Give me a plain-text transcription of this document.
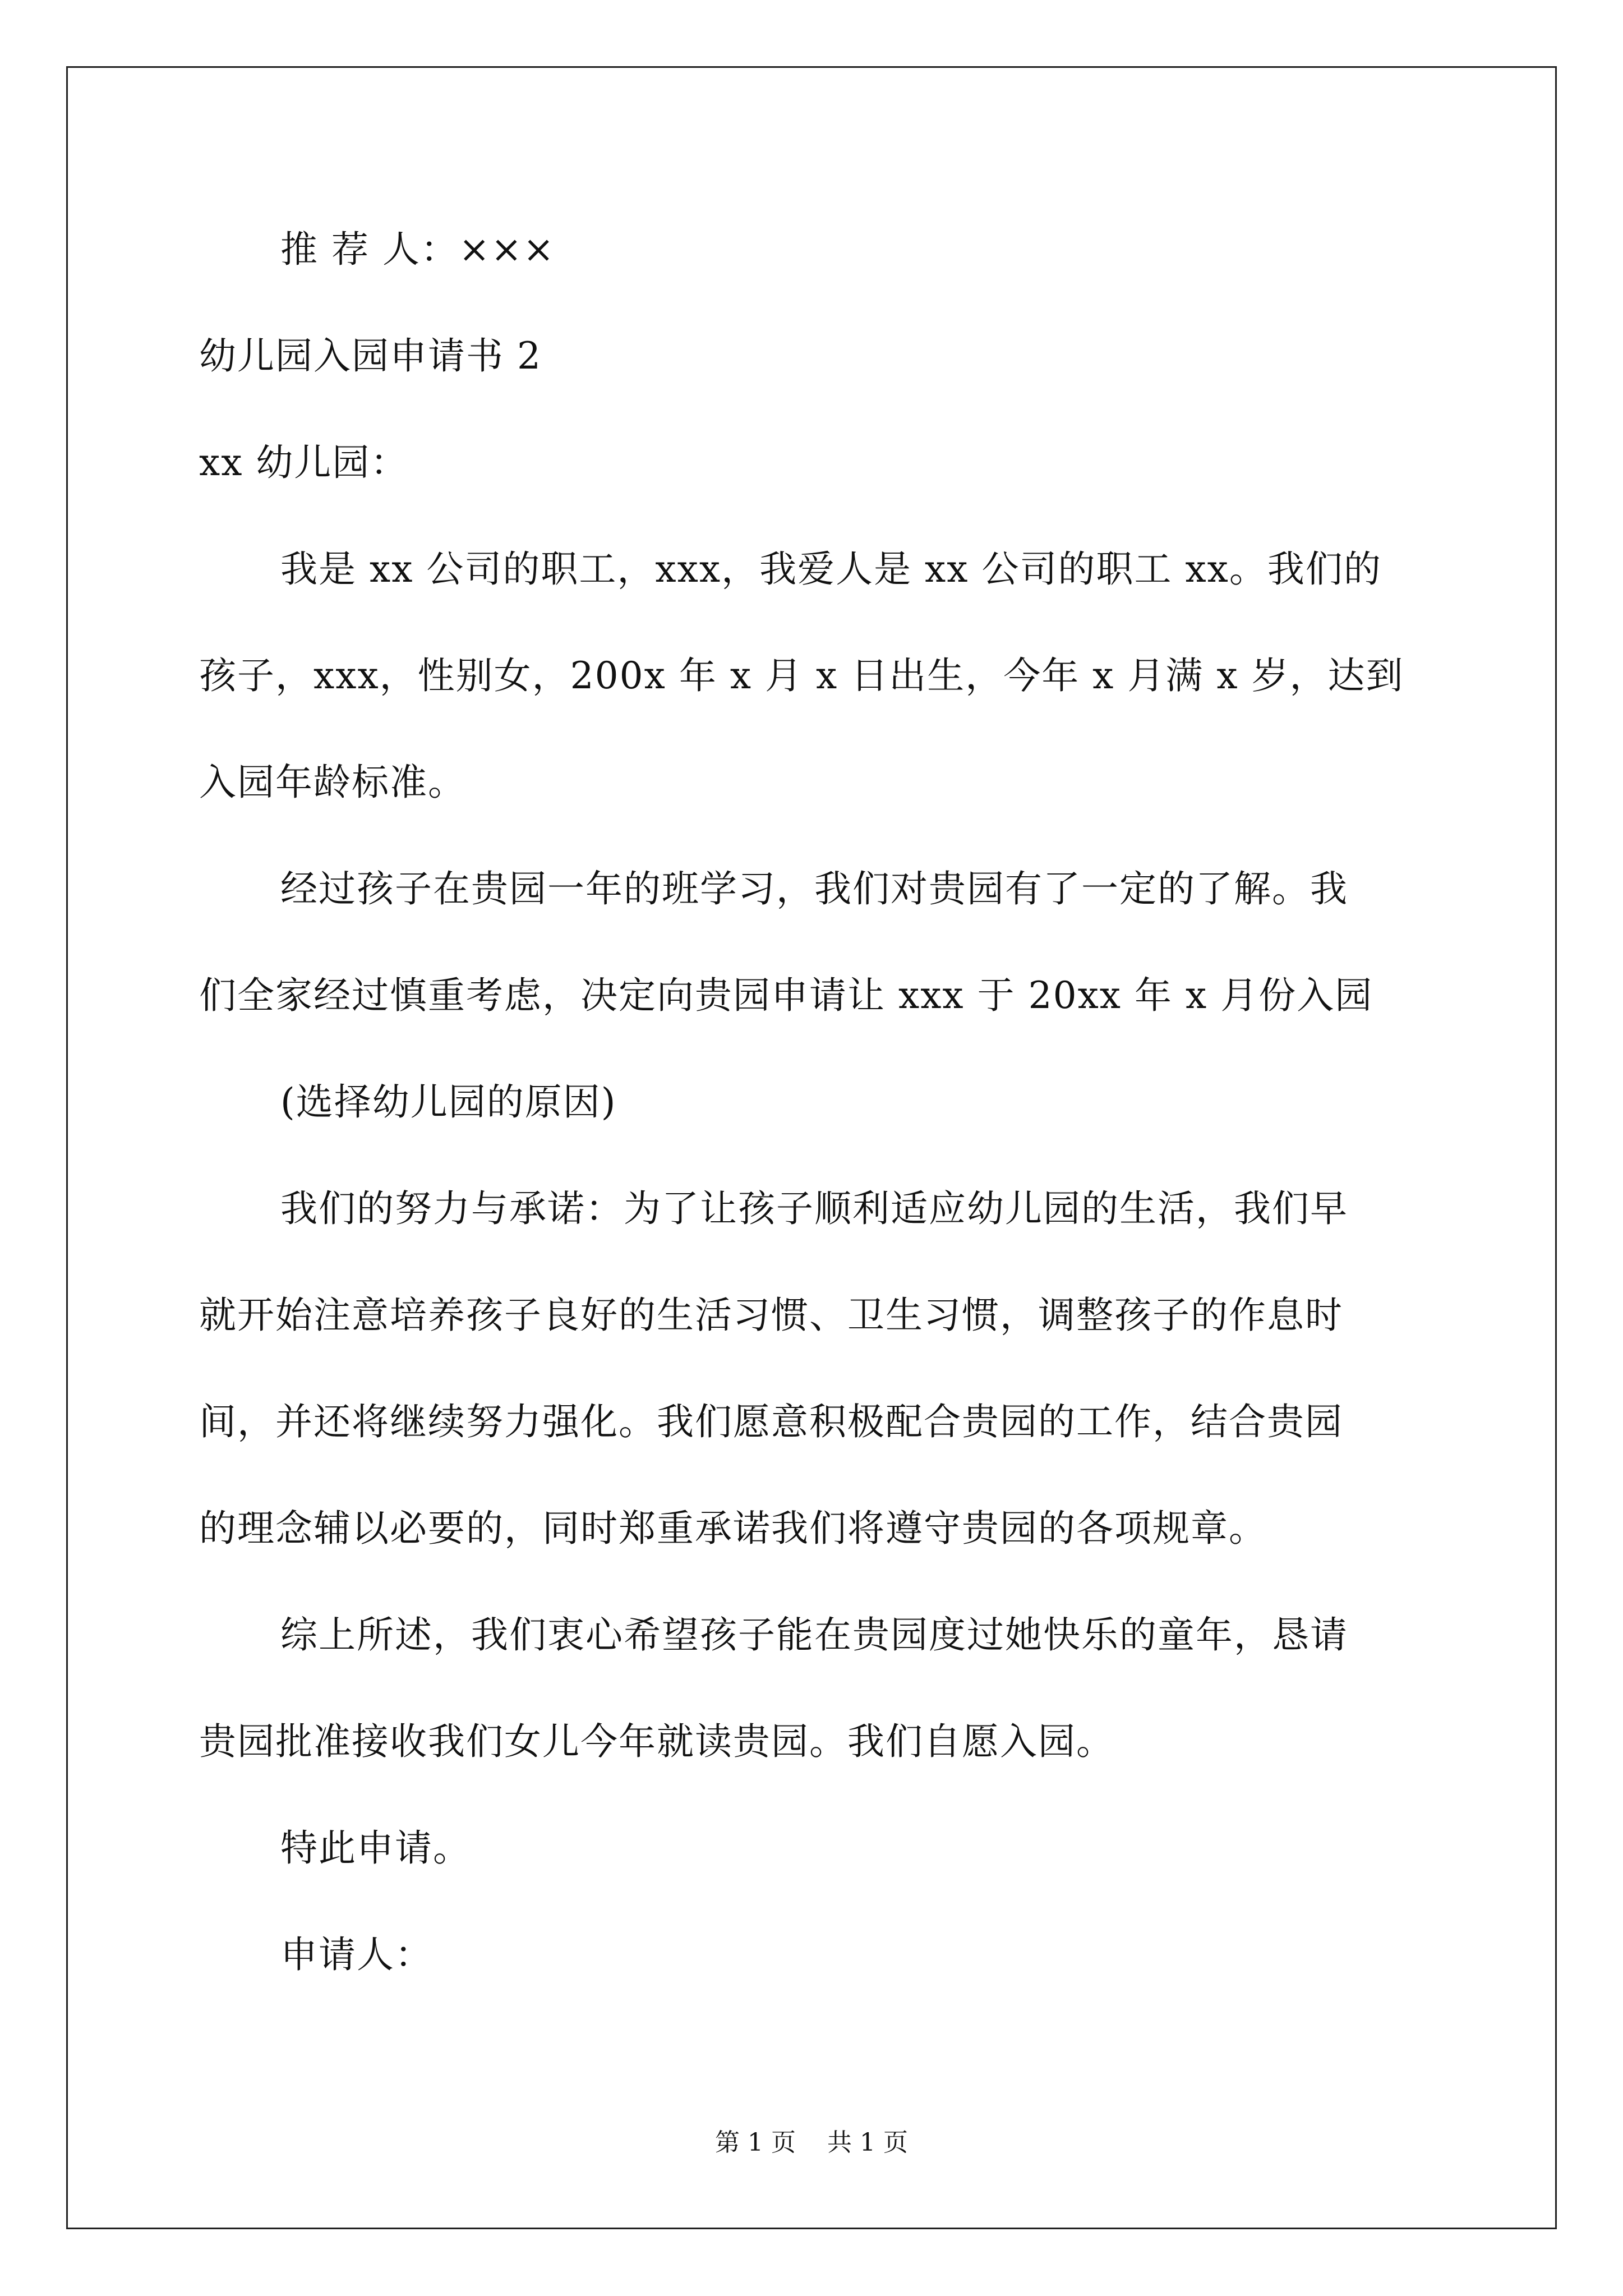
推 荐 人：×××
幼儿园入园申请书 2
xx 幼儿园：
我是 xx 公司的职工，xxx，我爱人是 xx 公司的职工 xx。我们的
孩子，xxx，性别女，200x 年 x 月 x 日出生，今年 x 月满 x 岁，达到
入园年龄标准。
经过孩子在贵园一年的班学习，我们对贵园有了一定的了解。我
们全家经过慎重考虑，决定向贵园申请让 xxx 于 20xx 年 x 月份入园
(选择幼儿园的原因)
我们的努力与承诺：为了让孩子顺利适应幼儿园的生活，我们早
就开始注意培养孩子良好的生活习惯、卫生习惯，调整孩子的作息时
间，并还将继续努力强化。我们愿意积极配合贵园的工作，结合贵园
的理念辅以必要的，同时郑重承诺我们将遵守贵园的各项规章。
综上所述，我们衷心希望孩子能在贵园度过她快乐的童年，恳请
贵园批准接收我们女儿今年就读贵园。我们自愿入园。
特此申请。
申请人：
第 1 页 共 1 页
